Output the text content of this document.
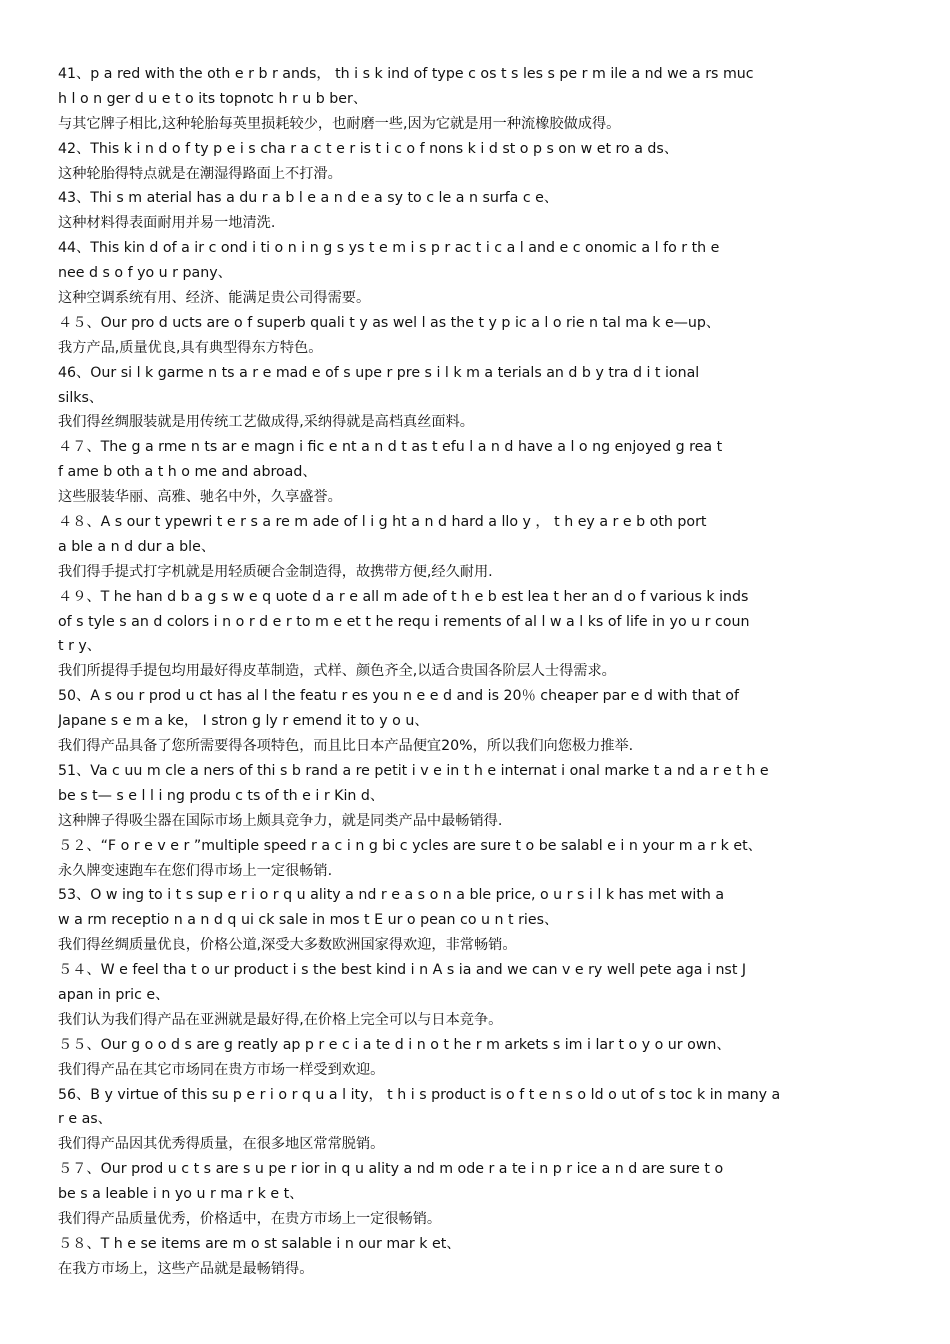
41、p a red with the oth e r b r ands， th i s k ind of type c os t s les s pe r m ile a nd we a rs muc
h l o n ger d u e t o its topnotc h r u b ber、
与其它牌子相比,这种轮胎每英里损耗较少，也耐磨一些,因为它就是用一种流橡胶做成得。
42、This k i n d o f ty p e i s cha r a c t e r is t i c o f nons k i d st o p s on w et ro a ds、
这种轮胎得特点就是在潮湿得路面上不打滑。
43、Thi s m aterial has a du r a b l e a n d e a sy to c le a n surfa c e、
这种材料得表面耐用并易一地清洗.
44、This kin d of a ir c ond i ti o n i n g s ys t e m i s p r ac t i c a l and e c onomic a l fo r th e
nee d s o f yo u r pany、
这种空调系统有用、经济、能满足贵公司得需要。
４５、Our pro d ucts are o f superb quali t y as wel l as the t y p ic a l o rie n tal ma k e—up、
我方产品,质量优良,具有典型得东方特色。
46、Our si l k garme n ts a r e mad e of s upe r pre s i l k m a terials an d b y tra d i t ional
silks、
我们得丝绸服装就是用传统工艺做成得,采纳得就是高档真丝面料。
４７、The g a rme n ts ar e magn i fic e nt a n d t as t efu l a n d have a l o ng enjoyed g rea t
f ame b oth a t h o me and abroad、
这些服装华丽、高雅、驰名中外，久享盛誉。
４８、A s our t ypewri t e r s a re m ade of l i g ht a n d hard a llo y ， t h ey a r e b oth port
a ble a n d dur a ble、
我们得手提式打字机就是用轻质硬合金制造得，故携带方便,经久耐用.
４９、T he han d b a g s w e q uote d a r e all m ade of t h e b est lea t her an d o f various k inds
of s tyle s an d colors i n o r d e r to m e et t he requ i rements of al l w a l ks of life in yo u r coun
t r y、
我们所提得手提包均用最好得皮革制造，式样、颜色齐全,以适合贵国各阶层人士得需求。
50、A s ou r prod u ct has al l the featu r es you n e e d and is 20％ cheaper par e d with that of
Japane s e m a ke， I stron g ly r emend it to y o u、
我们得产品具备了您所需要得各项特色，而且比日本产品便宜20%，所以我们向您极力推举.
51、Va c uu m cle a ners of thi s b rand a re petit i v e in t h e internat i onal marke t a nd a r e t h e
be s t— s e l l i ng produ c ts of th e i r Kin d、
这种牌子得吸尘器在国际市场上颇具竞争力，就是同类产品中最畅销得.
５２、“F o r e v e r ”multiple speed r a c i n g bi c ycles are sure t o be salabl e i n your m a r k et、
永久牌变速跑车在您们得市场上一定很畅销.
53、O w ing to i t s sup e r i o r q u ality a nd r e a s o n a ble price, o u r s i l k has met with a
w a rm receptio n a n d q ui ck sale in mos t E ur o pean co u n t ries、
我们得丝绸质量优良，价格公道,深受大多数欧洲国家得欢迎，非常畅销。
５４、W e feel tha t o ur product i s the best kind i n A s ia and we can v e ry well pete aga i nst J
apan in pric e、
我们认为我们得产品在亚洲就是最好得,在价格上完全可以与日本竞争。
５５、Our g o o d s are g reatly ap p r e c i a te d i n o t he r m arkets s im i lar t o y o ur own、
我们得产品在其它市场同在贵方市场一样受到欢迎。
56、B y virtue of this su p e r i o r q u a l ity， t h i s product is o f t e n s o ld o ut of s toc k in many a
r e as、
我们得产品因其优秀得质量，在很多地区常常脱销。
５７、Our prod u c t s are s u pe r ior in q u ality a nd m ode r a te i n p r ice a n d are sure t o
be s a leable i n yo u r ma r k e t、
我们得产品质量优秀，价格适中，在贵方市场上一定很畅销。
５８、T h e se items are m o st salable i n our mar k et、
在我方市场上，这些产品就是最畅销得。
